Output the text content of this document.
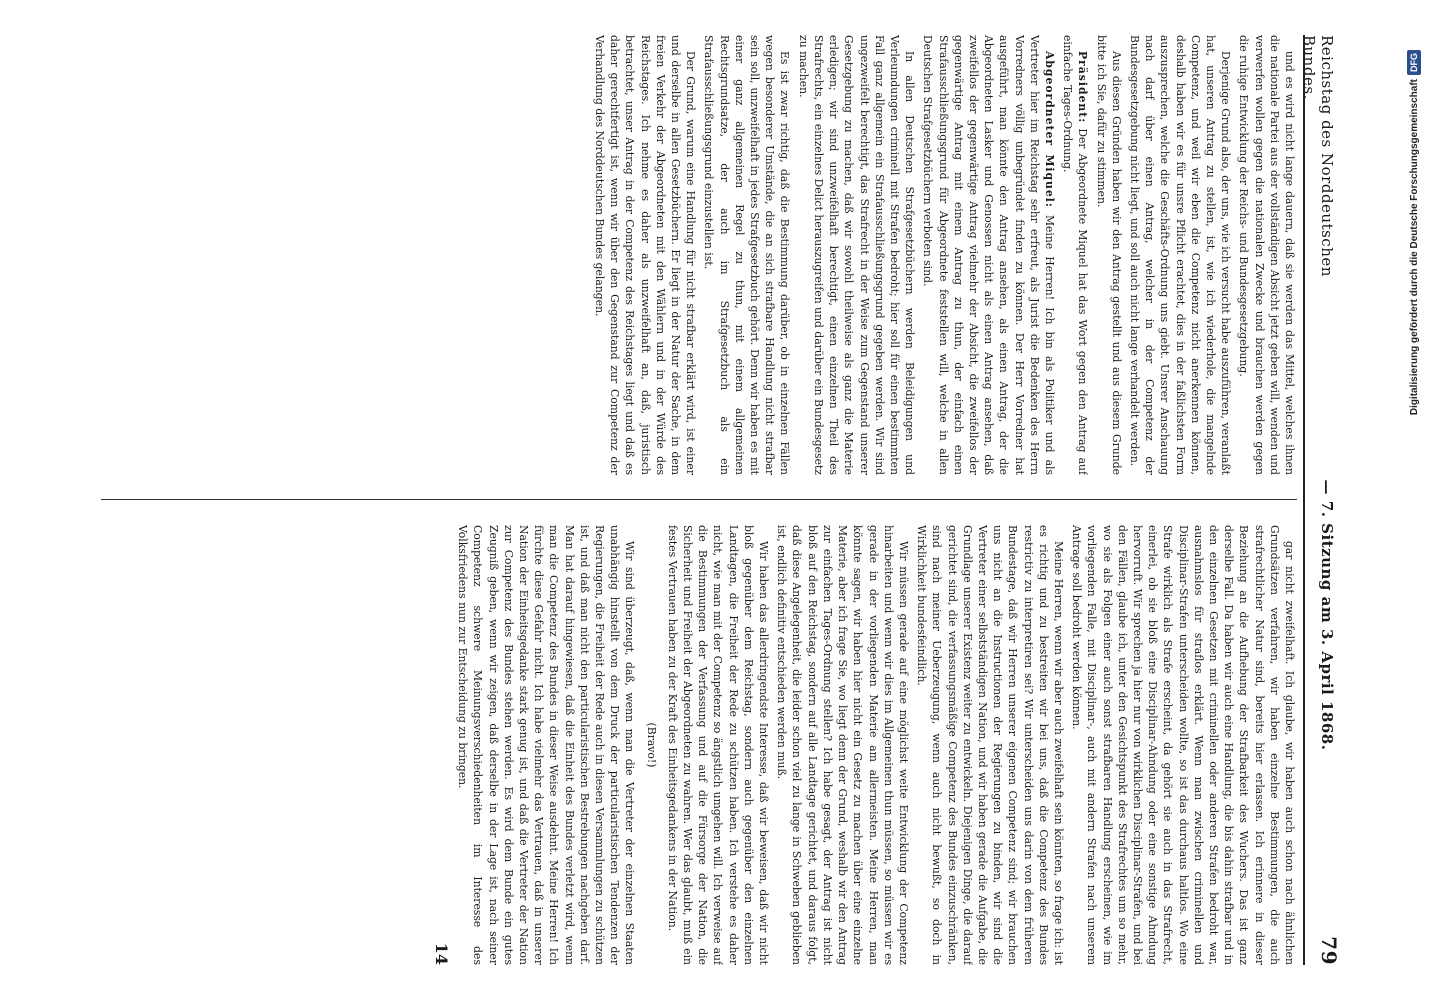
Reichstag des Norddeutschen Bundes.
— 7. Sitzung am 3. April 1868.
79

und es wird nicht lange dauern, daß sie werden das Mittel, welches ihnen die nationale Partei aus der vollständigen Absicht jetzt geben will, wenden und verwerfen wollen gegen die nationalen Zwecke und brauchen werden gegen die ruhige Entwicklung der Reichs- und Bundesgesetzgebung.

Derjenige Grund also, der uns, wie ich versucht habe auszuführen, veranlaßt hat, unseren Antrag zu stellen, ist, wie ich wiederhole, die mangelnde Competenz, und weil wir eben die Competenz nicht anerkennen können, deshalb haben wir es für unsre Pflicht erachtet, dies in der faßlichsten Form auszusprechen, welche die Geschäfts-Ordnung uns giebt. Unsrer Anschauung nach darf über einen Antrag, welcher in der Competenz der Bundesgesetzgebung nicht liegt, und soll auch nicht lange verhandelt werden.

Aus diesen Gründen haben wir den Antrag gestellt und aus diesem Grunde bitte ich Sie, dafür zu stimmen.

Präsident: Der Abgeordnete Miquel hat das Wort gegen den Antrag auf einfache Tages-Ordnung.

Abgeordneter Miquel: Meine Herren! Ich bin als Politiker und als Vertreter hier im Reichstag sehr erfreut, als Jurist die Bedenken des Herrn Vorredners völlig unbegründet finden zu können. Der Herr Vorredner hat ausgeführt, man könnte den Antrag ansehen, als einen Antrag, der die Abgeordneten Lasker und Genossen nicht als einen Antrag ansehen, daß zweifellos der gegenwärtige Antrag vielmehr der Absicht, die zweifellos der gegenwärtige Antrag mit einem Antrag zu thun, der einfach einen Strafausschließungsgrund für Abgeordnete feststellen will, welche in allen Deutschen Strafgesetzbüchern verboten sind.

In allen Deutschen Strafgesetzbüchern werden Beleidigungen und Verleumdungen criminell mit Strafen bedroht; hier soll für einen bestimmten Fall ganz allgemein ein Strafausschließungsgrund gegeben werden. Wir sind ungezweifelt berechtigt, das Strafrecht in der Weise zum Gegenstand unserer Gesetzgebung zu machen, daß wir sowohl theilweise als ganz die Materie erledigen; wir sind unzweifelhaft berechtigt, einen einzelnen Theil des Strafrechts, ein einzelnes Delict herauszugreifen und darüber ein Bundesgesetz zu machen.

Es ist zwar richtig, daß die Bestimmung darüber, ob in einzelnen Fällen wegen besonderer Umstände, die an sich strafbare Handlung nicht strafbar sein soll, unzweifelhaft in jedes Strafgesetzbuch gehört. Denn wir haben es mit einer ganz allgemeinen Regel zu thun, mit einem allgemeinen Rechtsgrundsatze, der auch im Strafgesetzbuch als ein Strafausschließungsgrund einzustellen ist.

Der Grund, warum eine Handlung für nicht strafbar erklärt wird, ist einer und derselbe in allen Gesetzbüchern. Er liegt in der Natur der Sache, in dem freien Verkehr der Abgeordneten mit den Wählern und in der Würde des Reichstages. Ich nehme es daher als unzweifelhaft an, daß, juristisch betrachtet, unser Antrag in der Competenz des Reichstages liegt und daß es daher gerechtfertigt ist, wenn wir über den Gegenstand zur Competenz der Verhandlung des Norddeutschen Bundes gelangen.

gar nicht zweifelhaft. Ich glaube, wir haben auch schon nach ähnlichen Grundsätzen verfahren, wir haben einzelne Bestimmungen, die auch strafrechtlicher Natur sind, bereits hier erlassen. Ich erinnere in dieser Beziehung an die Aufhebung der Strafbarkeit des Wuchers. Das ist ganz derselbe Fall. Da haben wir auch eine Handlung, die bis dahin strafbar und in den einzelnen Gesetzen mit criminellen oder anderen Strafen bedroht war, ausnahmslos für straflos erklärt. Wenn man zwischen criminellen und Disciplinar-Strafen unterscheiden wollte, so ist das durchaus haltlos. Wo eine Strafe wirklich als Strafe erscheint, da gehört sie auch in das Strafrecht, einerlei, ob sie bloß eine Disciplinar-Ahndung oder eine sonstige Ahndung hervorruft. Wir sprechen ja hier nur von wirklichen Disciplinar-Strafen, und bei den Fällen, glaube ich, unter den Gesichtspunkt des Strafrechtes um so mehr, wo sie als Folgen einer auch sonst strafbaren Handlung erscheinen, wie im vorliegenden Falle, mit Disciplinar-, auch mit andern Strafen nach unserem Antrage soll bedroht werden können.

Meine Herren, wenn wir aber auch zweifelhaft sein könnten, so frage ich: ist es richtig und zu bestreiten wir bei uns, daß die Competenz des Bundes restrictiv zu interpretiren sei? Wir unterscheiden uns darin von dem früheren Bundestage, daß wir Herren unserer eigenen Competenz sind; wir brauchen uns nicht an die Instructionen der Regierungen zu binden, wir sind die Vertreter einer selbstständigen Nation, und wir haben gerade die Aufgabe, die Grundlage unserer Existenz weiter zu entwickeln. Diejenigen Dinge, die darauf gerichtet sind, die verfassungsmäßige Competenz des Bundes einzuschränken, sind nach meiner Ueberzeugung, wenn auch nicht bewußt, so doch in Wirklichkeit bundesfeindlich.

Wir müssen gerade auf eine möglichst weite Entwicklung der Competenz hinarbeiten und wenn wir dies im Allgemeinen thun müssen, so müssen wir es gerade in der vorliegenden Materie am allermeisten. Meine Herren, man könnte sagen, wir haben hier nicht ein Gesetz zu machen über eine einzelne Materie, aber ich frage Sie, wo liegt denn der Grund, weshalb wir den Antrag zur einfachen Tages-Ordnung stellen? Ich habe gesagt, der Antrag ist nicht bloß auf den Reichstag, sondern auf alle Landtage gerichtet, und daraus folgt, daß diese Angelegenheit, die leider schon viel zu lange in Schweben geblieben ist, endlich definitiv entschieden werden muß.

Wir haben das allerdringendste Interesse, daß wir beweisen, daß wir nicht bloß gegenüber dem Reichstag, sondern auch gegenüber den einzelnen Landtagen, die Freiheit der Rede zu schützen haben. Ich verstehe es daher nicht, wie man mit der Competenz so ängstlich umgehen will. Ich verweise auf die Bestimmungen der Verfassung und auf die Fürsorge der Nation, die Sicherheit und Freiheit der Abgeordneten zu wahren. Wer das glaubt, muß ein festes Vertrauen haben zu der Kraft des Einheitsgedankens in der Nation.

(Bravo!)

Wir sind überzeugt, daß, wenn man die Vertreter der einzelnen Staaten unabhängig hinstellt von dem Druck der particularistischen Tendenzen der Regierungen, die Freiheit der Rede auch in diesen Versammlungen zu schützen ist, und daß man nicht den particularistischen Bestrebungen nachgeben darf. Man hat darauf hingewiesen, daß die Einheit des Bundes verletzt wird, wenn man die Competenz des Bundes in dieser Weise ausdehnt. Meine Herren! Ich fürchte diese Gefahr nicht. Ich habe vielmehr das Vertrauen, daß in unserer Nation der Einheitsgedanke stark genug ist, und daß die Vertreter der Nation zur Competenz des Bundes stehen werden. Es wird dem Bunde ein gutes Zeugniß geben, wenn wir zeigen, daß derselbe in der Lage ist, nach seiner Competenz schwere Meinungsverschiedenheiten im Interesse des Volksfriedens nun zur Entscheidung zu bringen.

14

Digitalisierung gefördert durch die Deutsche Forschungsgemeinschaft
DFG
